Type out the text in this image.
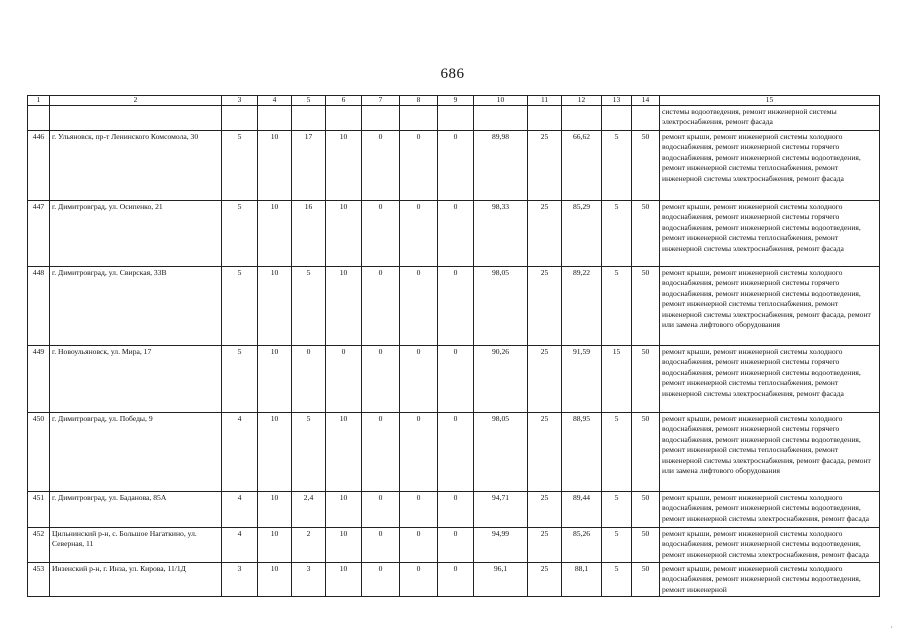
686
1	2	3	4	5	6	7	8	9	10	11	12	13	14	15
														системы водоотведения, ремонт инженерной системы электроснабжения, ремонт фасада
446	г. Ульяновск, пр-т Ленинского Комсомола, 30	5	10	17	10	0	0	0	89,98	25	66,62	5	50	ремонт крыши, ремонт инженерной системы холодного водоснабжения, ремонт инженерной системы горячего водоснабжения, ремонт инженерной системы водоотведения, ремонт инженерной системы теплоснабжения, ремонт инженерной системы электроснабжения, ремонт фасада
447	г. Димитровград, ул. Осипенко, 21	5	10	16	10	0	0	0	98,33	25	85,29	5	50	ремонт крыши, ремонт инженерной системы холодного водоснабжения, ремонт инженерной системы горячего водоснабжения, ремонт инженерной системы водоотведения, ремонт инженерной системы теплоснабжения, ремонт инженерной системы электроснабжения, ремонт фасада
448	г. Димитровград, ул. Свирская, 33В	5	10	5	10	0	0	0	98,05	25	89,22	5	50	ремонт крыши, ремонт инженерной системы холодного водоснабжения, ремонт инженерной системы горячего водоснабжения, ремонт инженерной системы водоотведения, ремонт инженерной системы теплоснабжения, ремонт инженерной системы электроснабжения, ремонт фасада, ремонт или замена лифтового оборудования
449	г. Новоульяновск, ул. Мира, 17	5	10	0	0	0	0	0	90,26	25	91,59	15	50	ремонт крыши, ремонт инженерной системы холодного водоснабжения, ремонт инженерной системы горячего водоснабжения, ремонт инженерной системы водоотведения, ремонт инженерной системы теплоснабжения, ремонт инженерной системы электроснабжения, ремонт фасада
450	г. Димитровград, ул. Победы, 9	4	10	5	10	0	0	0	98,05	25	88,95	5	50	ремонт крыши, ремонт инженерной системы холодного водоснабжения, ремонт инженерной системы горячего водоснабжения, ремонт инженерной системы водоотведения, ремонт инженерной системы теплоснабжения, ремонт инженерной системы электроснабжения, ремонт фасада, ремонт или замена лифтового оборудования
451	г. Димитровград, ул. Баданова, 85А	4	10	2,4	10	0	0	0	94,71	25	89,44	5	50	ремонт крыши, ремонт инженерной системы холодного водоснабжения, ремонт инженерной системы водоотведения, ремонт инженерной системы электроснабжения, ремонт фасада
452	Цильнинский р-н, с. Большое Нагаткино, ул. Северная, 11	4	10	2	10	0	0	0	94,99	25	85,26	5	50	ремонт крыши, ремонт инженерной системы холодного водоснабжения, ремонт инженерной системы водоотведения, ремонт инженерной системы электроснабжения, ремонт фасада
453	Инзенский р-н, г. Инза, ул. Кирова, 11/1Д	3	10	3	10	0	0	0	96,1	25	88,1	5	50	ремонт крыши, ремонт инженерной системы холодного водоснабжения, ремонт инженерной системы водоотведения, ремонт инженерной
·
